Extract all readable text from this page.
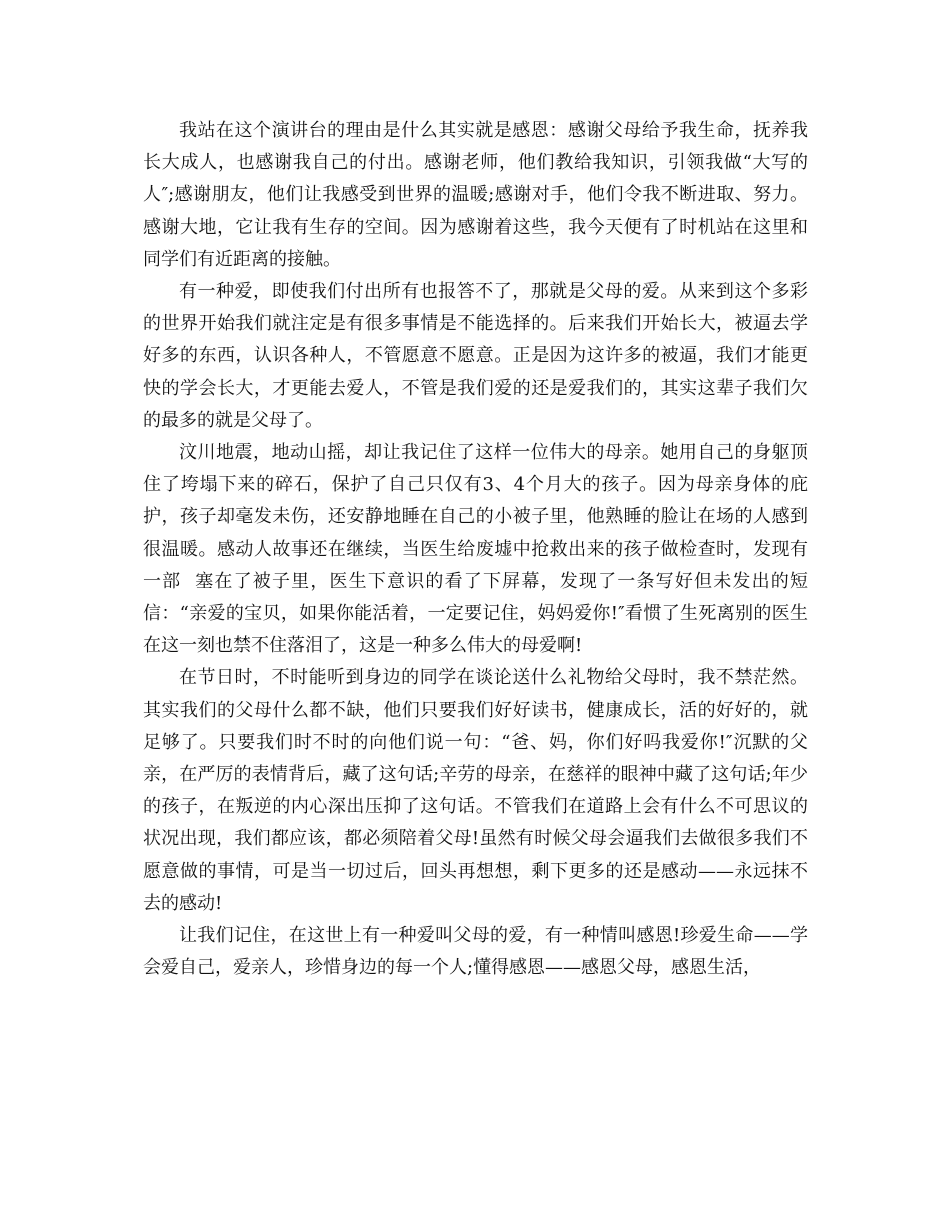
我站在这个演讲台的理由是什么其实就是感恩：感谢父母给予我生命，抚养我长大成人，也感谢我自己的付出。感谢老师，他们教给我知识，引领我做“大写的人″;感谢朋友，他们让我感受到世界的温暖;感谢对手，他们令我不断进取、努力。感谢大地，它让我有生存的空间。因为感谢着这些，我今天便有了时机站在这里和同学们有近距离的接触。

有一种爱，即使我们付出所有也报答不了，那就是父母的爱。从来到这个多彩的世界开始我们就注定是有很多事情是不能选择的。后来我们开始长大，被逼去学好多的东西，认识各种人，不管愿意不愿意。正是因为这许多的被逼，我们才能更快的学会长大，才更能去爱人，不管是我们爱的还是爱我们的，其实这辈子我们欠的最多的就是父母了。

汶川地震，地动山摇，却让我记住了这样一位伟大的母亲。她用自己的身躯顶住了垮塌下来的碎石，保护了自己只仅有3、4个月大的孩子。因为母亲身体的庇护，孩子却毫发未伤，还安静地睡在自己的小被子里，他熟睡的脸让在场的人感到很温暖。感动人故事还在继续，当医生给废墟中抢救出来的孩子做检查时，发现有一部  塞在了被子里，医生下意识的看了下屏幕，发现了一条写好但未发出的短信：“亲爱的宝贝，如果你能活着，一定要记住，妈妈爱你!″看惯了生死离别的医生在这一刻也禁不住落泪了，这是一种多么伟大的母爱啊!

在节日时，不时能听到身边的同学在谈论送什么礼物给父母时，我不禁茫然。其实我们的父母什么都不缺，他们只要我们好好读书，健康成长，活的好好的，就足够了。只要我们时不时的向他们说一句：“爸、妈，你们好吗我爱你!″沉默的父亲，在严厉的表情背后，藏了这句话;辛劳的母亲，在慈祥的眼神中藏了这句话;年少的孩子，在叛逆的内心深出压抑了这句话。不管我们在道路上会有什么不可思议的状况出现，我们都应该，都必须陪着父母!虽然有时候父母会逼我们去做很多我们不愿意做的事情，可是当一切过后，回头再想想，剩下更多的还是感动——永远抹不去的感动!

让我们记住，在这世上有一种爱叫父母的爱，有一种情叫感恩!珍爱生命——学会爱自己，爱亲人，珍惜身边的每一个人;懂得感恩——感恩父母，感恩生活，
